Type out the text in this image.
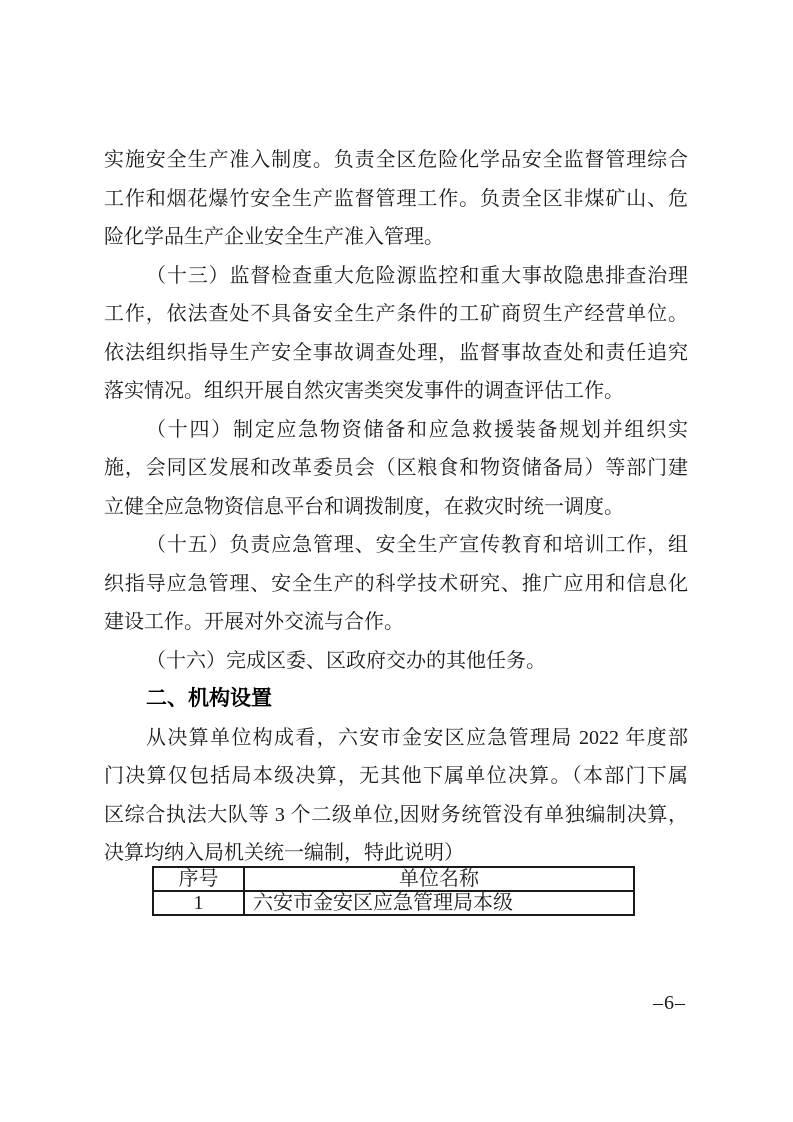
实施安全生产准入制度。负责全区危险化学品安全监督管理综合
工作和烟花爆竹安全生产监督管理工作。负责全区非煤矿山、危
险化学品生产企业安全生产准入管理。
（十三）监督检查重大危险源监控和重大事故隐患排查治理
工作，依法查处不具备安全生产条件的工矿商贸生产经营单位。
依法组织指导生产安全事故调查处理，监督事故查处和责任追究
落实情况。组织开展自然灾害类突发事件的调查评估工作。
（十四）制定应急物资储备和应急救援装备规划并组织实
施，会同区发展和改革委员会（区粮食和物资储备局）等部门建
立健全应急物资信息平台和调拨制度，在救灾时统一调度。
（十五）负责应急管理、安全生产宣传教育和培训工作，组
织指导应急管理、安全生产的科学技术研究、推广应用和信息化
建设工作。开展对外交流与合作。
（十六）完成区委、区政府交办的其他任务。
二、机构设置
从决算单位构成看，六安市金安区应急管理局 2022 年度部
门决算仅包括局本级决算，无其他下属单位决算。（本部门下属
区综合执法大队等 3 个二级单位,因财务统管没有单独编制决算，
决算均纳入局机关统一编制，特此说明）
序号	单位名称
1	六安市金安区应急管理局本级
–6–
